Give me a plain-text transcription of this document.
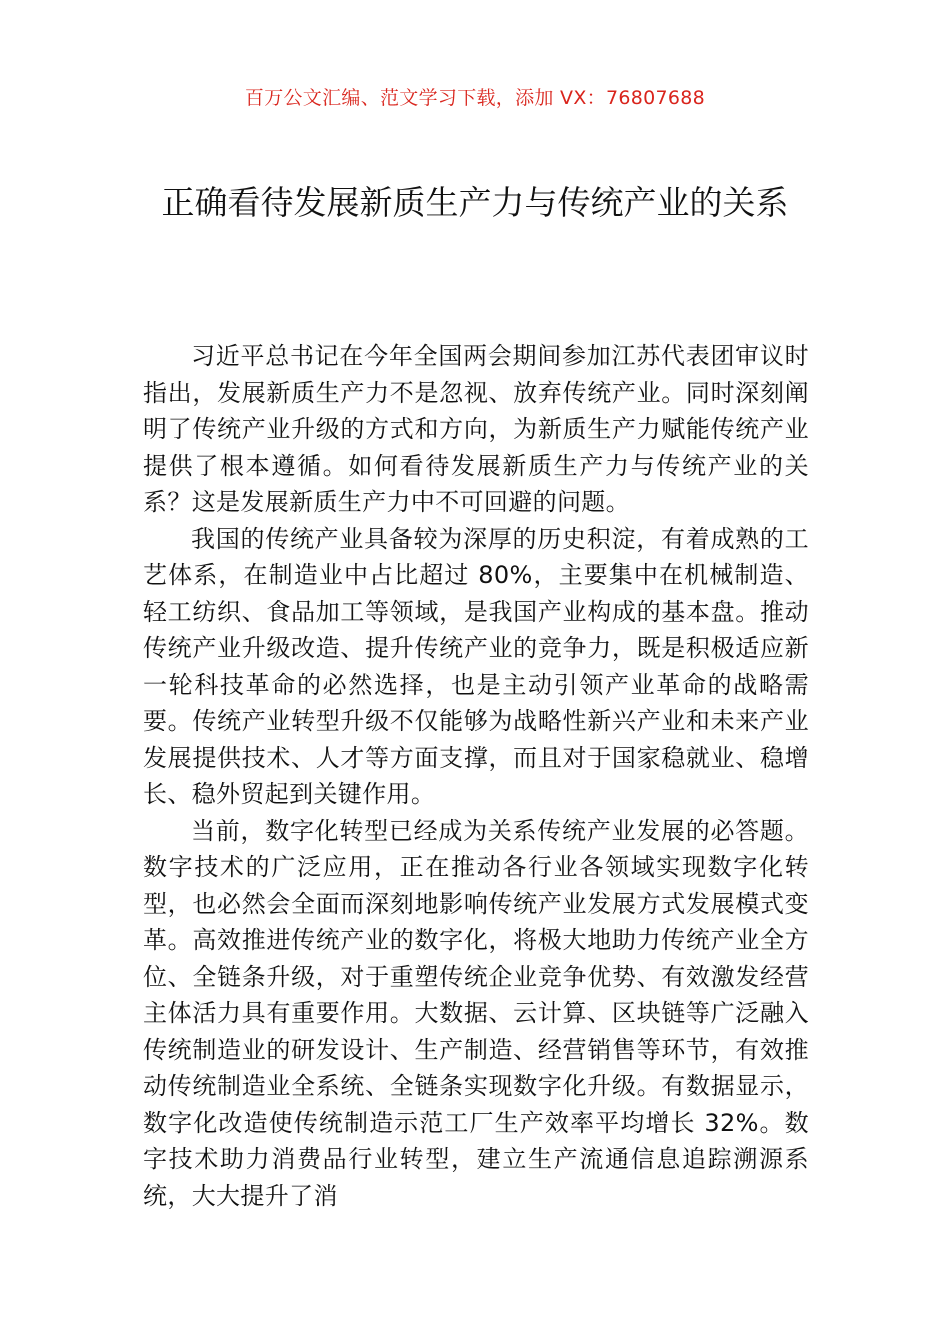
百万公文汇编、范文学习下载，添加 VX：76807688
正确看待发展新质生产力与传统产业的关系

习近平总书记在今年全国两会期间参加江苏代表团审议时指出，发展新质生产力不是忽视、放弃传统产业。同时深刻阐明了传统产业升级的方式和方向，为新质生产力赋能传统产业提供了根本遵循。如何看待发展新质生产力与传统产业的关系？这是发展新质生产力中不可回避的问题。

我国的传统产业具备较为深厚的历史积淀，有着成熟的工艺体系，在制造业中占比超过 80%，主要集中在机械制造、轻工纺织、食品加工等领域，是我国产业构成的基本盘。推动传统产业升级改造、提升传统产业的竞争力，既是积极适应新一轮科技革命的必然选择，也是主动引领产业革命的战略需要。传统产业转型升级不仅能够为战略性新兴产业和未来产业发展提供技术、人才等方面支撑，而且对于国家稳就业、稳增长、稳外贸起到关键作用。

当前，数字化转型已经成为关系传统产业发展的必答题。数字技术的广泛应用，正在推动各行业各领域实现数字化转型，也必然会全面而深刻地影响传统产业发展方式发展模式变革。高效推进传统产业的数字化，将极大地助力传统产业全方位、全链条升级，对于重塑传统企业竞争优势、有效激发经营主体活力具有重要作用。大数据、云计算、区块链等广泛融入传统制造业的研发设计、生产制造、经营销售等环节，有效推动传统制造业全系统、全链条实现数字化升级。有数据显示，数字化改造使传统制造示范工厂生产效率平均增长 32%。数字技术助力消费品行业转型，建立生产流通信息追踪溯源系统，大大提升了消
